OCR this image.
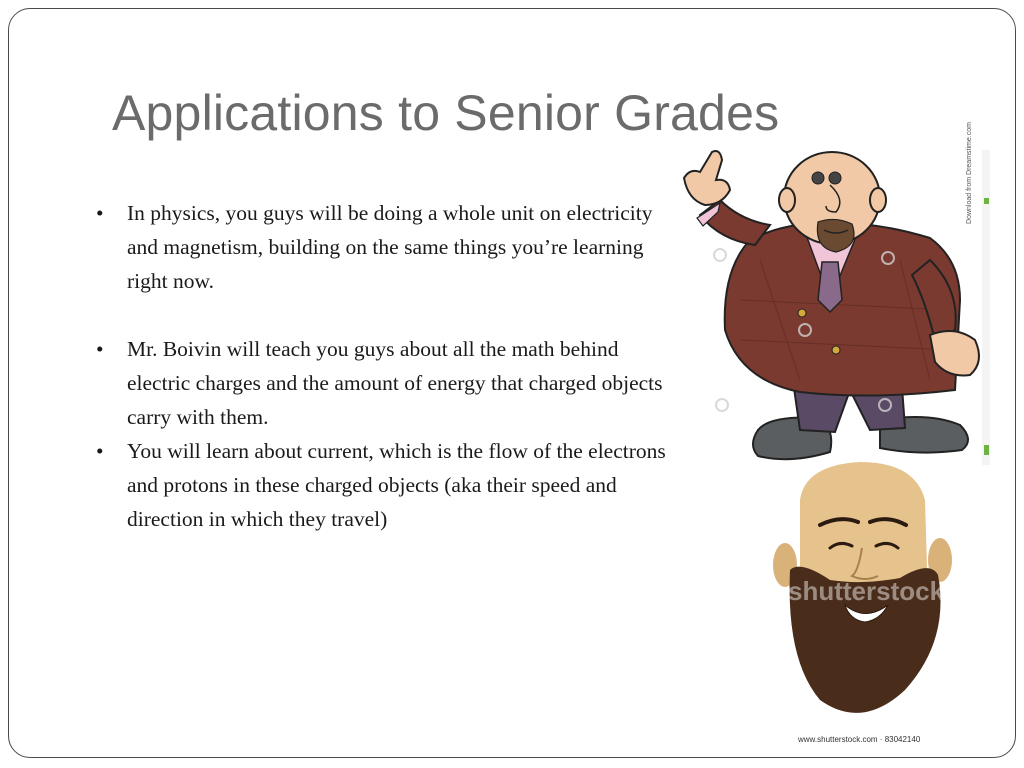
Applications to Senior Grades
• In physics, you guys will be doing a whole unit on electricity and magnetism, building on the same things you’re learning right now.
• Mr. Boivin will teach you guys about all the math behind electric charges and the amount of energy that charged objects carry with them.
• You will learn about current, which is the flow of the electrons and protons in these charged objects (aka their speed and direction in which they travel)
shutterstock
www.shutterstock.com · 83042140
Download from Dreamstime.com
